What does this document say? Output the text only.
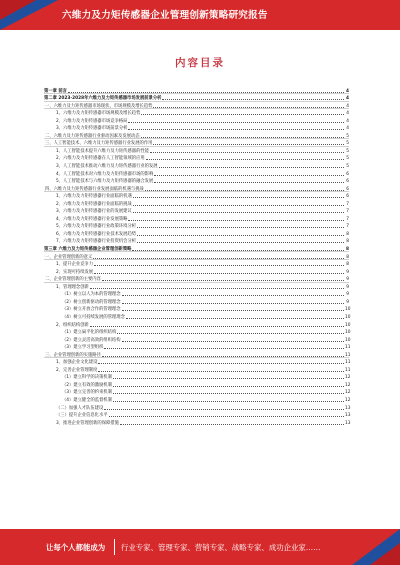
六维力及力矩传感器企业管理创新策略研究报告
内容目录
第一章 前言	4
第二章 2023-2028年六维力及力矩传感器市场发展前景分析	4
一、六维力及力矩传感器市场现状、市场规模及增长趋势	4
1、六维力及力矩传感器市场规模及增长趋势	4
2、六维力及力矩传感器市场竞争格局	4
3、六维力及力矩传感器市场前景分析	4
二、六维力及力矩传感器行业驱动因素及发展动态	5
三、人工智能技术、六维力及力矩传感器行业发展的作用	5
1、人工智能技术提升六维力及力矩传感器的性能	5
2、六维力及力矩传感器在人工智能领域的应用	5
3、人工智能技术推动六维力及力矩传感器行业的发展	5
4、人工智能技术对六维力及力矩传感器市场的影响	6
5、人工智能技术与六维力及力矩传感器的融合发展	6
四、六维力及力矩传感器行业发展面临的机遇与挑战	6
1、六维力及力矩传感器行业面临的机遇	6
2、六维力及力矩传感器行业面临的挑战	7
3、六维力及力矩传感器行业的发展建议	7
4、六维力及力矩传感器行业发展策略	7
5、六维力及力矩传感器行业政策环境分析	7
6、六维力及力矩传感器行业技术发展趋势	8
7、六维力及力矩传感器行业投资机会分析	8
第三章 六维力及力矩传感器企业管理创新策略	8
一、企业管理创新的意义	8
1、提升企业竞争力	8
2、实现可持续发展	9
二、企业管理创新的主要内容	9
1、管理理念创新	9
（1）树立以人为本的管理理念	9
（2）树立创新驱动的管理理念	9
（3）树立开放合作的管理理念	10
（4）树立可持续发展的管理理念	10
2、组织结构创新	10
（1）建立扁平化的组织结构	10
（2）建立灵活高效的组织结构	10
（3）建立学习型组织	11
三、企业管理创新的实施路径	11
1、加强企业文化建设	11
2、完善企业管理制度	11
（1）建立科学的决策机制	12
（2）建立有效的激励机制	12
（3）建立完善的约束机制	12
（4）建立健全的监督机制	12
（二）加强人才队伍建设	13
（三）提升企业信息化水平	13
3、推进企业管理创新的保障措施	13
让每个人都能成为 行业专家、管理专家、营销专家、战略专家、成功企业家……
